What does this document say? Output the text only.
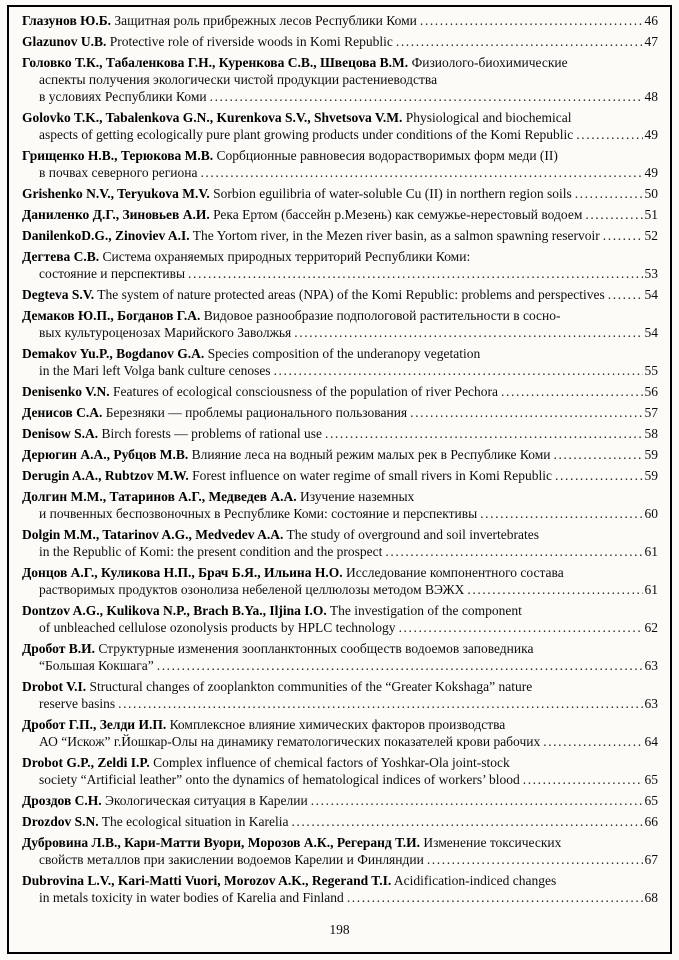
Глазунов Ю.Б. Защитная роль прибрежных лесов Республики Коми .....	46
Glazunov U.B. Protective role of riverside woods in Komi Republic .....	47
Головко Т.К., Табаленкова Г.Н., Куренкова С.В., Швецова В.М. Физиолого-биохимические
аспекты получения экологически чистой продукции растениеводства
в условиях Республики Коми .....	48
Golovko T.K., Tabalenkova G.N., Kurenkova S.V., Shvetsova V.M. Physiological and biochemical
aspects of getting ecologically pure plant growing products under conditions of the Komi Republic .....	49
Грищенко Н.В., Терюкова М.В. Сорбционные равновесия водорастворимых форм меди (II)
в почвах северного региона .....	49
Grishenko N.V., Teryukova M.V. Sorbion eguilibria of water-soluble Cu (II) in northern region soils .....	50
Даниленко Д.Г., Зиновьев А.И. Река Ертом (бассейн р.Мезень) как семужье-нерестовый водоем .....	51
DanilenkoD.G., Zinoviev A.I. The Yortom river, in the Mezen river basin, as a salmon spawning reservoir .....	52
Дегтева С.В. Система охраняемых природных территорий Республики Коми:
состояние и перспективы .....	53
Degteva S.V. The system of nature protected areas (NPA) of the Komi Republic: problems and perspectives .....	54
Демаков Ю.П., Богданов Г.А. Видовое разнообразие подпологовой растительности в сосно-
вых культуроценозах Марийского Заволжья .....	54
Demakov Yu.P., Bogdanov G.A. Species composition of the underanopy vegetation
in the Mari left Volga bank culture cenoses .....	55
Denisenko V.N. Features of ecological consciousness of the population of river Pechora .....	56
Денисов С.А. Березняки — проблемы рационального пользования .....	57
Denisow S.A. Birch forests — problems of rational use .....	58
Дерюгин А.А., Рубцов М.В. Влияние леса на водный режим малых рек в Республике Коми .....	59
Derugin A.A., Rubtzov M.W. Forest influence on water regime of small rivers in Komi Republic .....	59
Долгин М.М., Татаринов А.Г., Медведев А.А. Изучение наземных
и почвенных беспозвоночных в Республике Коми: состояние и перспективы .....	60
Dolgin M.M., Tatarinov A.G., Medvedev A.A. The study of overground and soil invertebrates
in the Republic of Komi: the present condition and the prospect .....	61
Донцов А.Г., Куликова Н.П., Брач Б.Я., Ильина Н.О. Исследование компонентного состава
растворимых продуктов озонолиза небеленой целлюлозы методом ВЭЖХ .....	61
Dontzov A.G., Kulikova N.P., Brach B.Ya., Iljina I.O. The investigation of the component
of unbleached cellulose ozonolysis products by HPLC technology .....	62
Дробот В.И. Структурные изменения зоопланктонных сообществ водоемов заповедника
“Большая Кокшага” .....	63
Drobot V.I. Structural changes of zooplankton communities of the “Greater Kokshaga” nature
reserve basins .....	63
Дробот Г.П., Зелди И.П. Комплексное влияние химических факторов производства
АО “Искож” г.Йошкар-Олы на динамику гематологических показателей крови рабочих .....	64
Drobot G.P., Zeldi I.P. Complex influence of chemical factors of Yoshkar-Ola joint-stock
society “Artificial leather” onto the dynamics of hematological indices of workers’ blood .....	65
Дроздов С.Н. Экологическая ситуация в Карелии .....	65
Drozdov S.N. The ecological situation in Karelia .....	66
Дубровина Л.В., Кари-Матти Вуори, Морозов А.К., Регеранд Т.И. Изменение токсических
свойств металлов при закислении водоемов Карелии и Финляндии .....	67
Dubrovina L.V., Kari-Matti Vuori, Morozov A.K., Regerand T.I. Acidification-indiced changes
in metals toxicity in water bodies of Karelia and Finland .....	68
198
